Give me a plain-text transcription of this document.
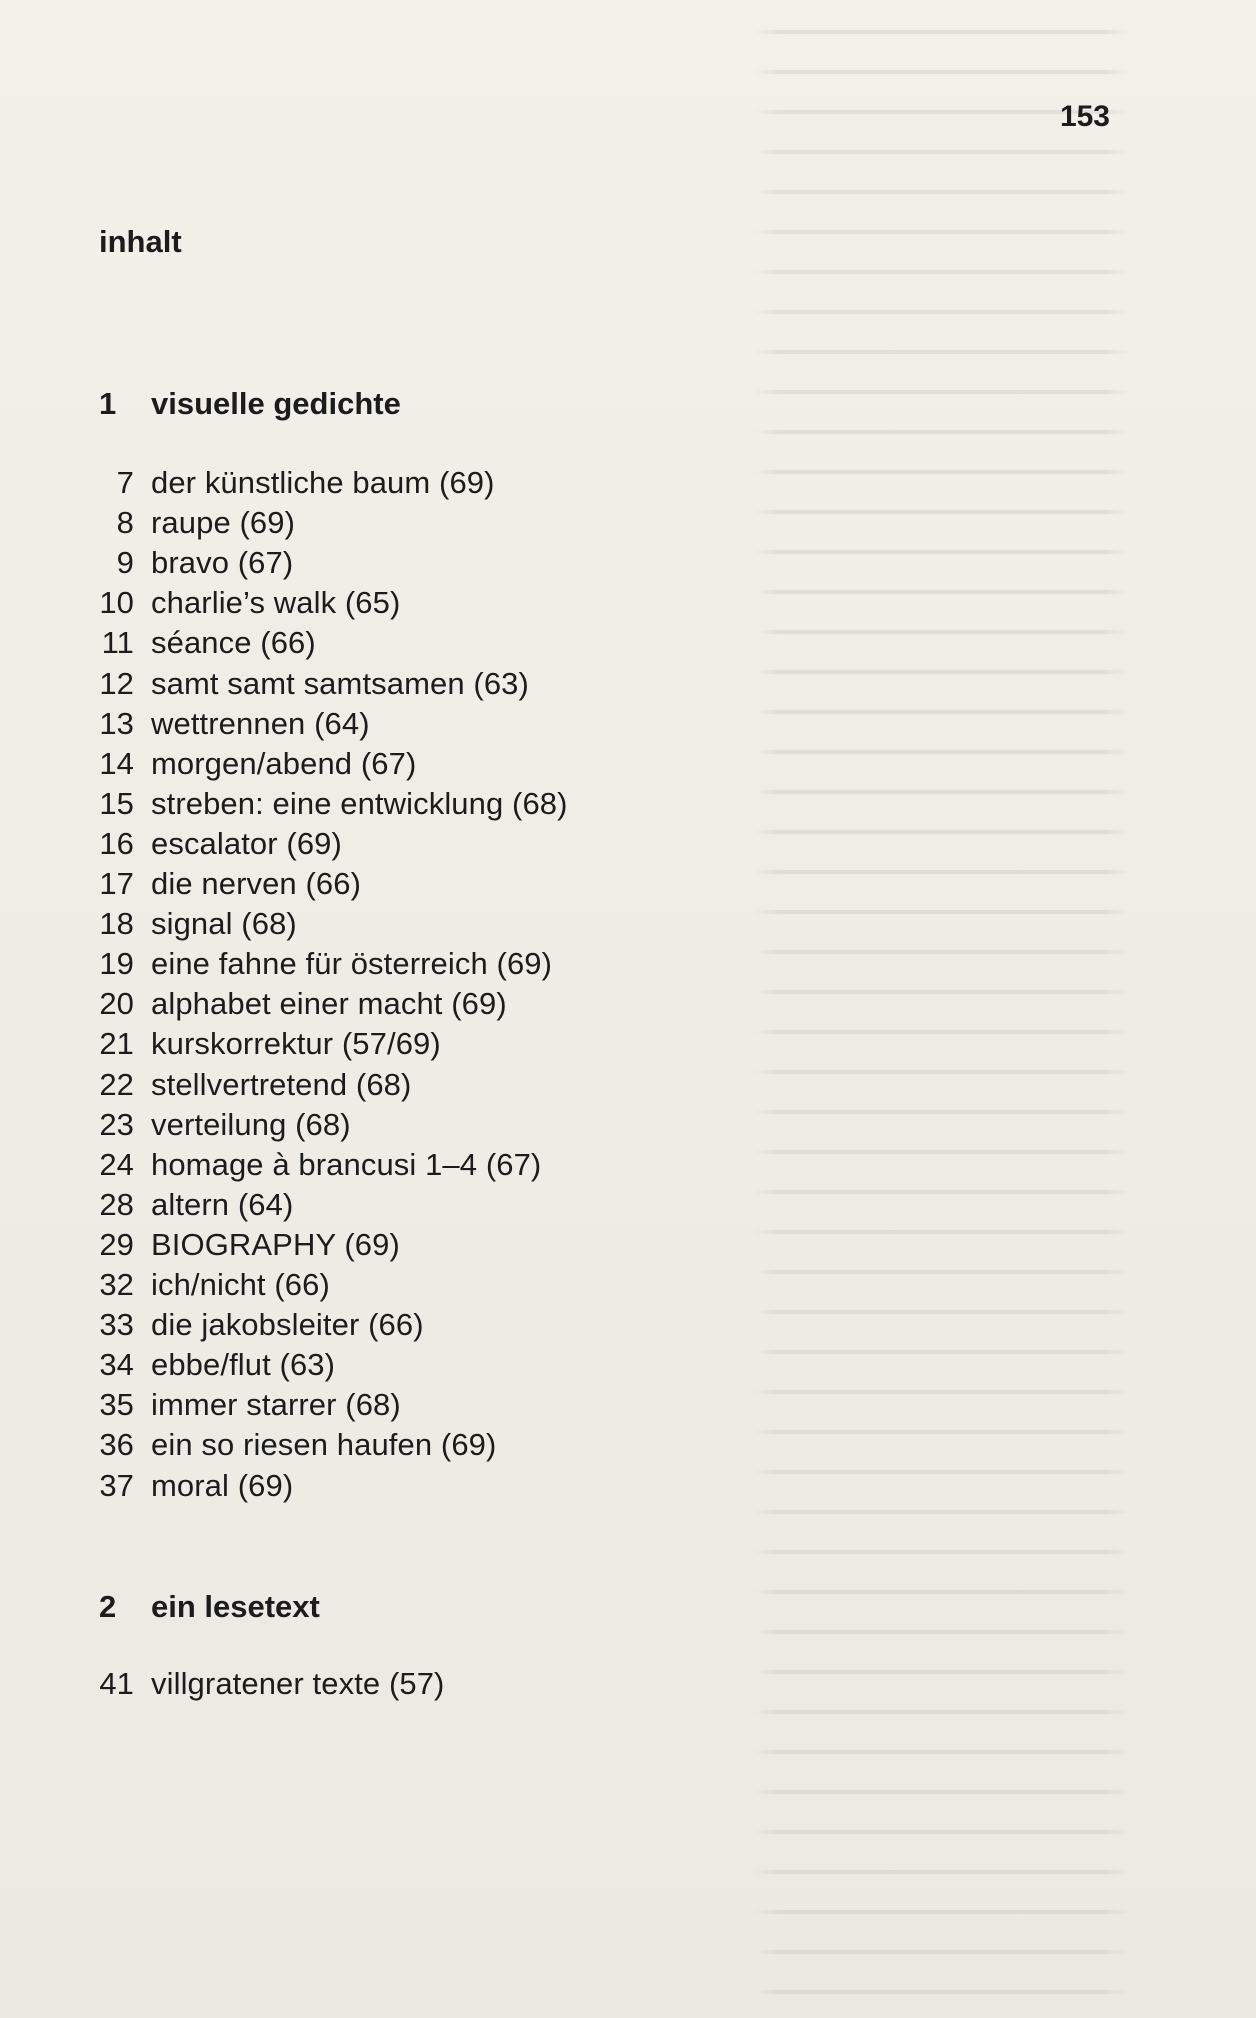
153
inhalt
1 visuelle gedichte
7 der künstliche baum (69)
8 raupe (69)
9 bravo (67)
10 charlie’s walk (65)
11 séance (66)
12 samt samt samtsamen (63)
13 wettrennen (64)
14 morgen/abend (67)
15 streben: eine entwicklung (68)
16 escalator (69)
17 die nerven (66)
18 signal (68)
19 eine fahne für österreich (69)
20 alphabet einer macht (69)
21 kurskorrektur (57/69)
22 stellvertretend (68)
23 verteilung (68)
24 homage à brancusi 1–4 (67)
28 altern (64)
29 BIOGRAPHY (69)
32 ich/nicht (66)
33 die jakobsleiter (66)
34 ebbe/flut (63)
35 immer starrer (68)
36 ein so riesen haufen (69)
37 moral (69)
2 ein lesetext
41 villgratener texte (57)
